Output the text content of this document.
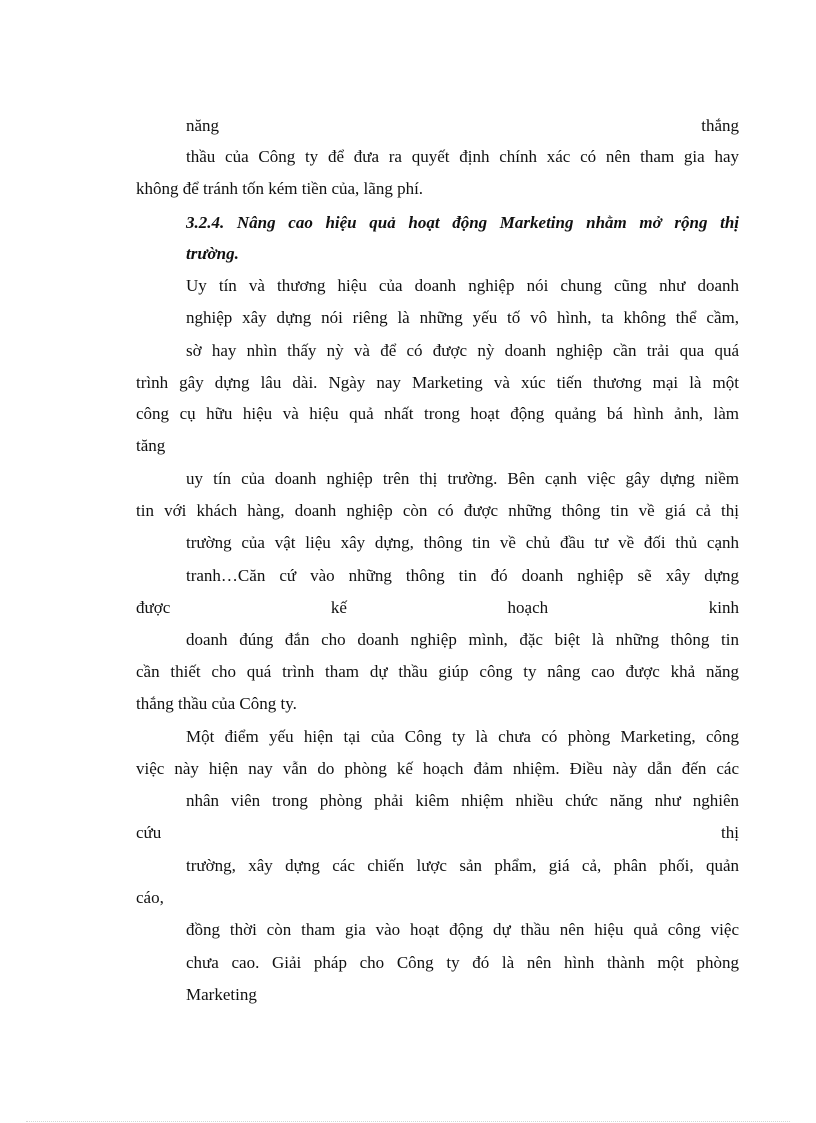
năng thắng

thầu của Công ty để đưa ra quyết định chính xác có nên tham gia hay

không để tránh tốn kém tiền của, lãng phí.

3.2.4. Nâng cao hiệu quả hoạt động Marketing nhằm mở rộng thị

trường.

Uy tín và thương hiệu của doanh nghiệp nói chung cũng như doanh

nghiệp xây dựng nói riêng là những yếu tố vô hình, ta không thể cầm,

sờ hay nhìn thấy nỳ và để có được nỳ doanh nghiệp cần trải qua quá

trình gây dựng lâu dài. Ngày nay Marketing và xúc tiến thương mại là một

công cụ hữu hiệu và hiệu quả nhất trong hoạt động quảng bá hình ảnh, làm

tăng

uy tín của doanh nghiệp trên thị trường. Bên cạnh việc gây dựng niềm

tin với khách hàng, doanh nghiệp còn có được những thông tin về giá cả thị

trường của vật liệu xây dựng, thông tin về chủ đầu tư về đối thủ cạnh

tranh…Căn cứ vào những thông tin đó doanh nghiệp sẽ xây dựng

được kế hoạch kinh

doanh đúng đắn cho doanh nghiệp mình, đặc biệt là những thông tin

cần thiết cho quá trình tham dự thầu giúp công ty nâng cao được khả năng

thắng thầu của Công ty.

Một điểm yếu hiện tại của Công ty là chưa có phòng Marketing, công

việc này hiện nay vẫn do phòng kế hoạch đảm nhiệm. Điều này dẫn đến các

nhân viên trong phòng phải kiêm nhiệm nhiều chức năng như nghiên

cứu thị

trường, xây dựng các chiến lược sản phẩm, giá cả, phân phối, quản

cáo,

đồng thời còn tham gia vào hoạt động dự thầu nên hiệu quả công việc

chưa cao. Giải pháp cho Công ty đó là nên hình thành một phòng

Marketing
